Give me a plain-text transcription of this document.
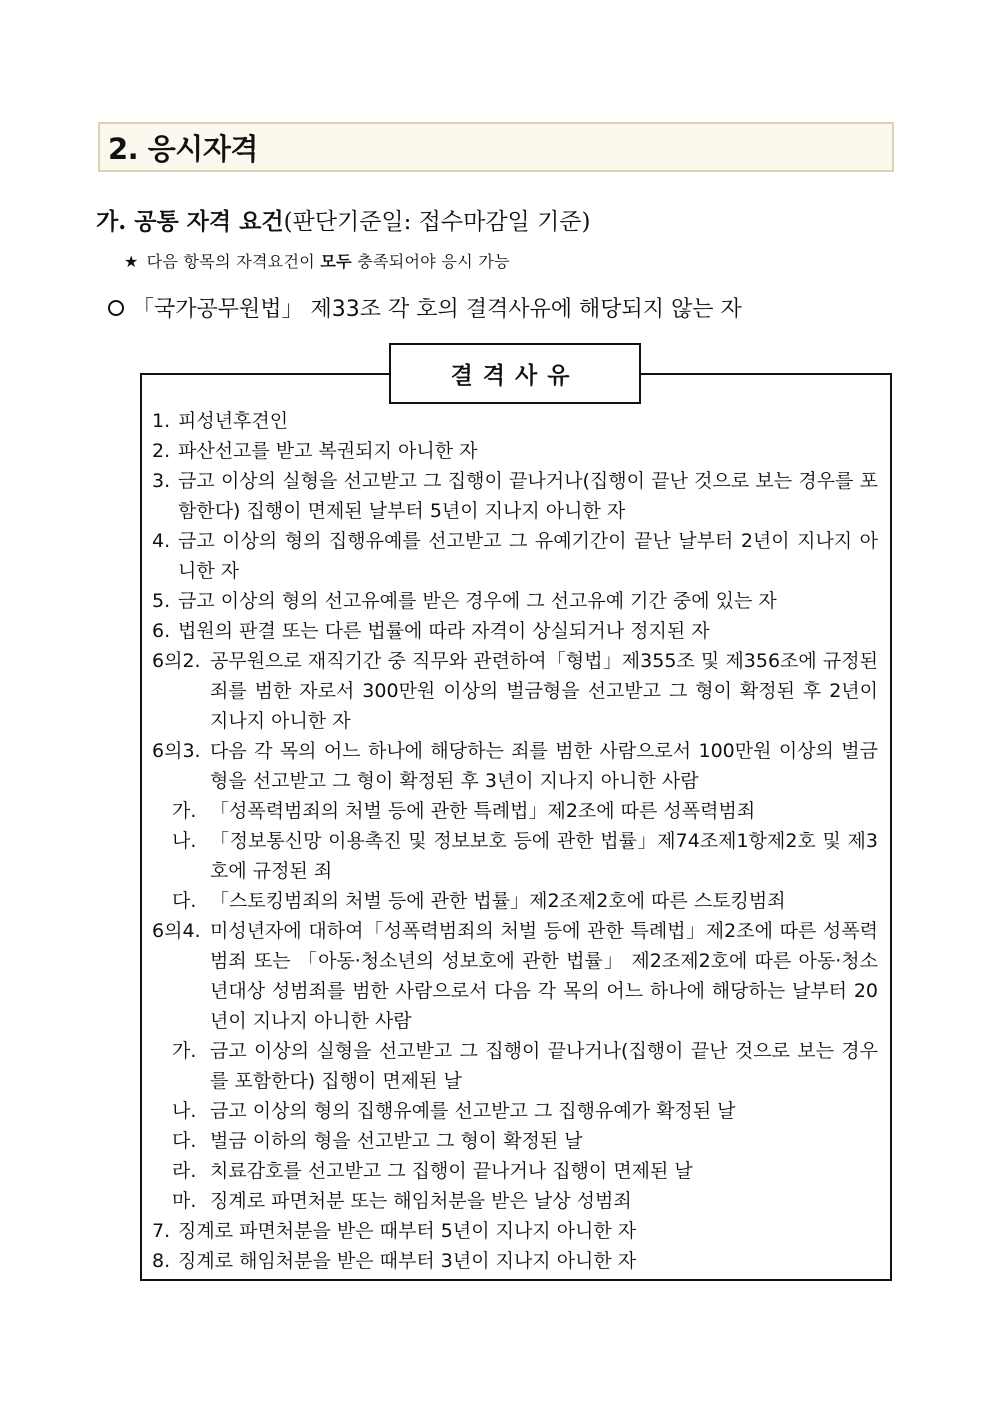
2. 응시자격
가. 공통 자격 요건(판단기준일: 접수마감일 기준)
★ 다음 항목의 자격요건이 모두 충족되어야 응시 가능
「국가공무원법」 제33조 각 호의 결격사유에 해당되지 않는 자
결격사유
1. 피성년후견인
2. 파산선고를 받고 복권되지 아니한 자
3. 금고 이상의 실형을 선고받고 그 집행이 끝나거나(집행이 끝난 것으로 보는 경우를 포함한다) 집행이 면제된 날부터 5년이 지나지 아니한 자
4. 금고 이상의 형의 집행유예를 선고받고 그 유예기간이 끝난 날부터 2년이 지나지 아니한 자
5. 금고 이상의 형의 선고유예를 받은 경우에 그 선고유예 기간 중에 있는 자
6. 법원의 판결 또는 다른 법률에 따라 자격이 상실되거나 정지된 자
6의2. 공무원으로 재직기간 중 직무와 관련하여「형법」제355조 및 제356조에 규정된 죄를 범한 자로서 300만원 이상의 벌금형을 선고받고 그 형이 확정된 후 2년이 지나지 아니한 자
6의3. 다음 각 목의 어느 하나에 해당하는 죄를 범한 사람으로서 100만원 이상의 벌금형을 선고받고 그 형이 확정된 후 3년이 지나지 아니한 사람
가. 「성폭력범죄의 처벌 등에 관한 특례법」제2조에 따른 성폭력범죄
나. 「정보통신망 이용촉진 및 정보보호 등에 관한 법률」제74조제1항제2호 및 제3호에 규정된 죄
다. 「스토킹범죄의 처벌 등에 관한 법률」제2조제2호에 따른 스토킹범죄
6의4. 미성년자에 대하여「성폭력범죄의 처벌 등에 관한 특례법」제2조에 따른 성폭력범죄 또는 「아동·청소년의 성보호에 관한 법률」 제2조제2호에 따른 아동·청소년대상 성범죄를 범한 사람으로서 다음 각 목의 어느 하나에 해당하는 날부터 20년이 지나지 아니한 사람
가. 금고 이상의 실형을 선고받고 그 집행이 끝나거나(집행이 끝난 것으로 보는 경우를 포함한다) 집행이 면제된 날
나. 금고 이상의 형의 집행유예를 선고받고 그 집행유예가 확정된 날
다. 벌금 이하의 형을 선고받고 그 형이 확정된 날
라. 치료감호를 선고받고 그 집행이 끝나거나 집행이 면제된 날
마. 징계로 파면처분 또는 해임처분을 받은 날상 성범죄
7. 징계로 파면처분을 받은 때부터 5년이 지나지 아니한 자
8. 징계로 해임처분을 받은 때부터 3년이 지나지 아니한 자
